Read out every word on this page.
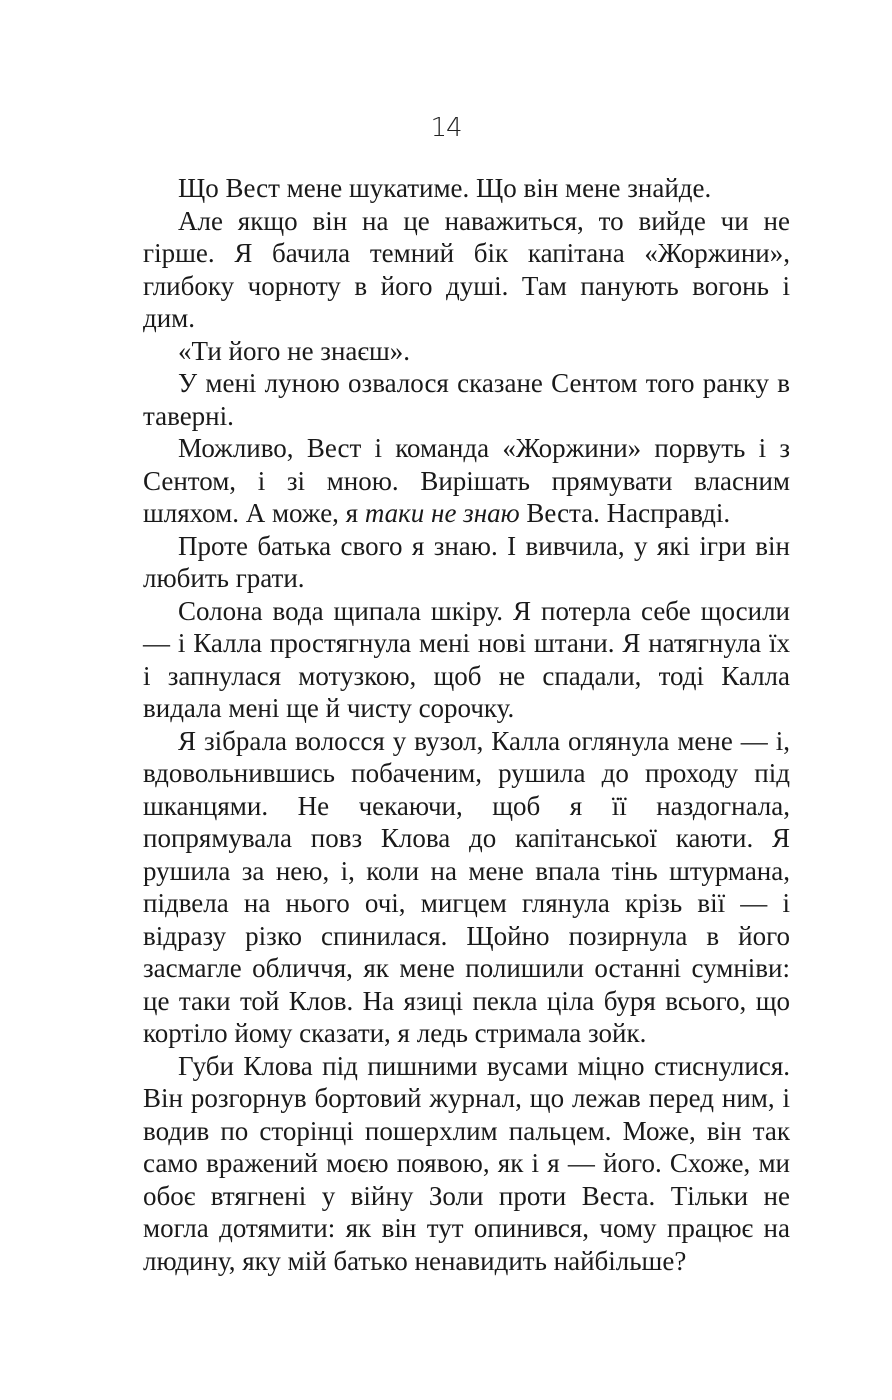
14

Що Вест мене шукатиме. Що він мене знайде.

Але якщо він на це наважиться, то вийде чи не гірше. Я бачила темний бік капітана «Жоржини», глибоку чорноту в його душі. Там панують вогонь і дим.

«Ти його не знаєш».

У мені луною озвалося сказане Сентом того ранку в таверні.

Можливо, Вест і команда «Жоржини» порвуть і з Сентом, і зі мною. Вирішать прямувати власним шляхом. А може, я таки не знаю Веста. Насправді.

Проте батька свого я знаю. І вивчила, у які ігри він любить грати.

Солона вода щипала шкіру. Я потерла себе щосили — і Калла простягнула мені нові штани. Я натягнула їх і запнулася мотузкою, щоб не спадали, тоді Калла видала мені ще й чисту сорочку.

Я зібрала волосся у вузол, Калла оглянула мене — і, вдовольнившись побаченим, рушила до проходу під шканцями. Не чекаючи, щоб я її наздогнала, попрямувала повз Клова до капітанської каюти. Я рушила за нею, і, коли на мене впала тінь штурмана, підвела на нього очі, мигцем глянула крізь вії — і відразу різко спинилася. Щойно позирнула в його засмагле обличчя, як мене полишили останні сумніви: це таки той Клов. На язиці пекла ціла буря всього, що кортіло йому сказати, я ледь стримала зойк.

Губи Клова під пишними вусами міцно стиснулися. Він розгорнув бортовий журнал, що лежав перед ним, і водив по сторінці пошерхлим пальцем. Може, він так само вражений моєю появою, як і я — його. Схоже, ми обоє втягнені у війну Золи проти Веста. Тільки не могла дотямити: як він тут опинився, чому працює на людину, яку мій батько ненавидить найбільше?
